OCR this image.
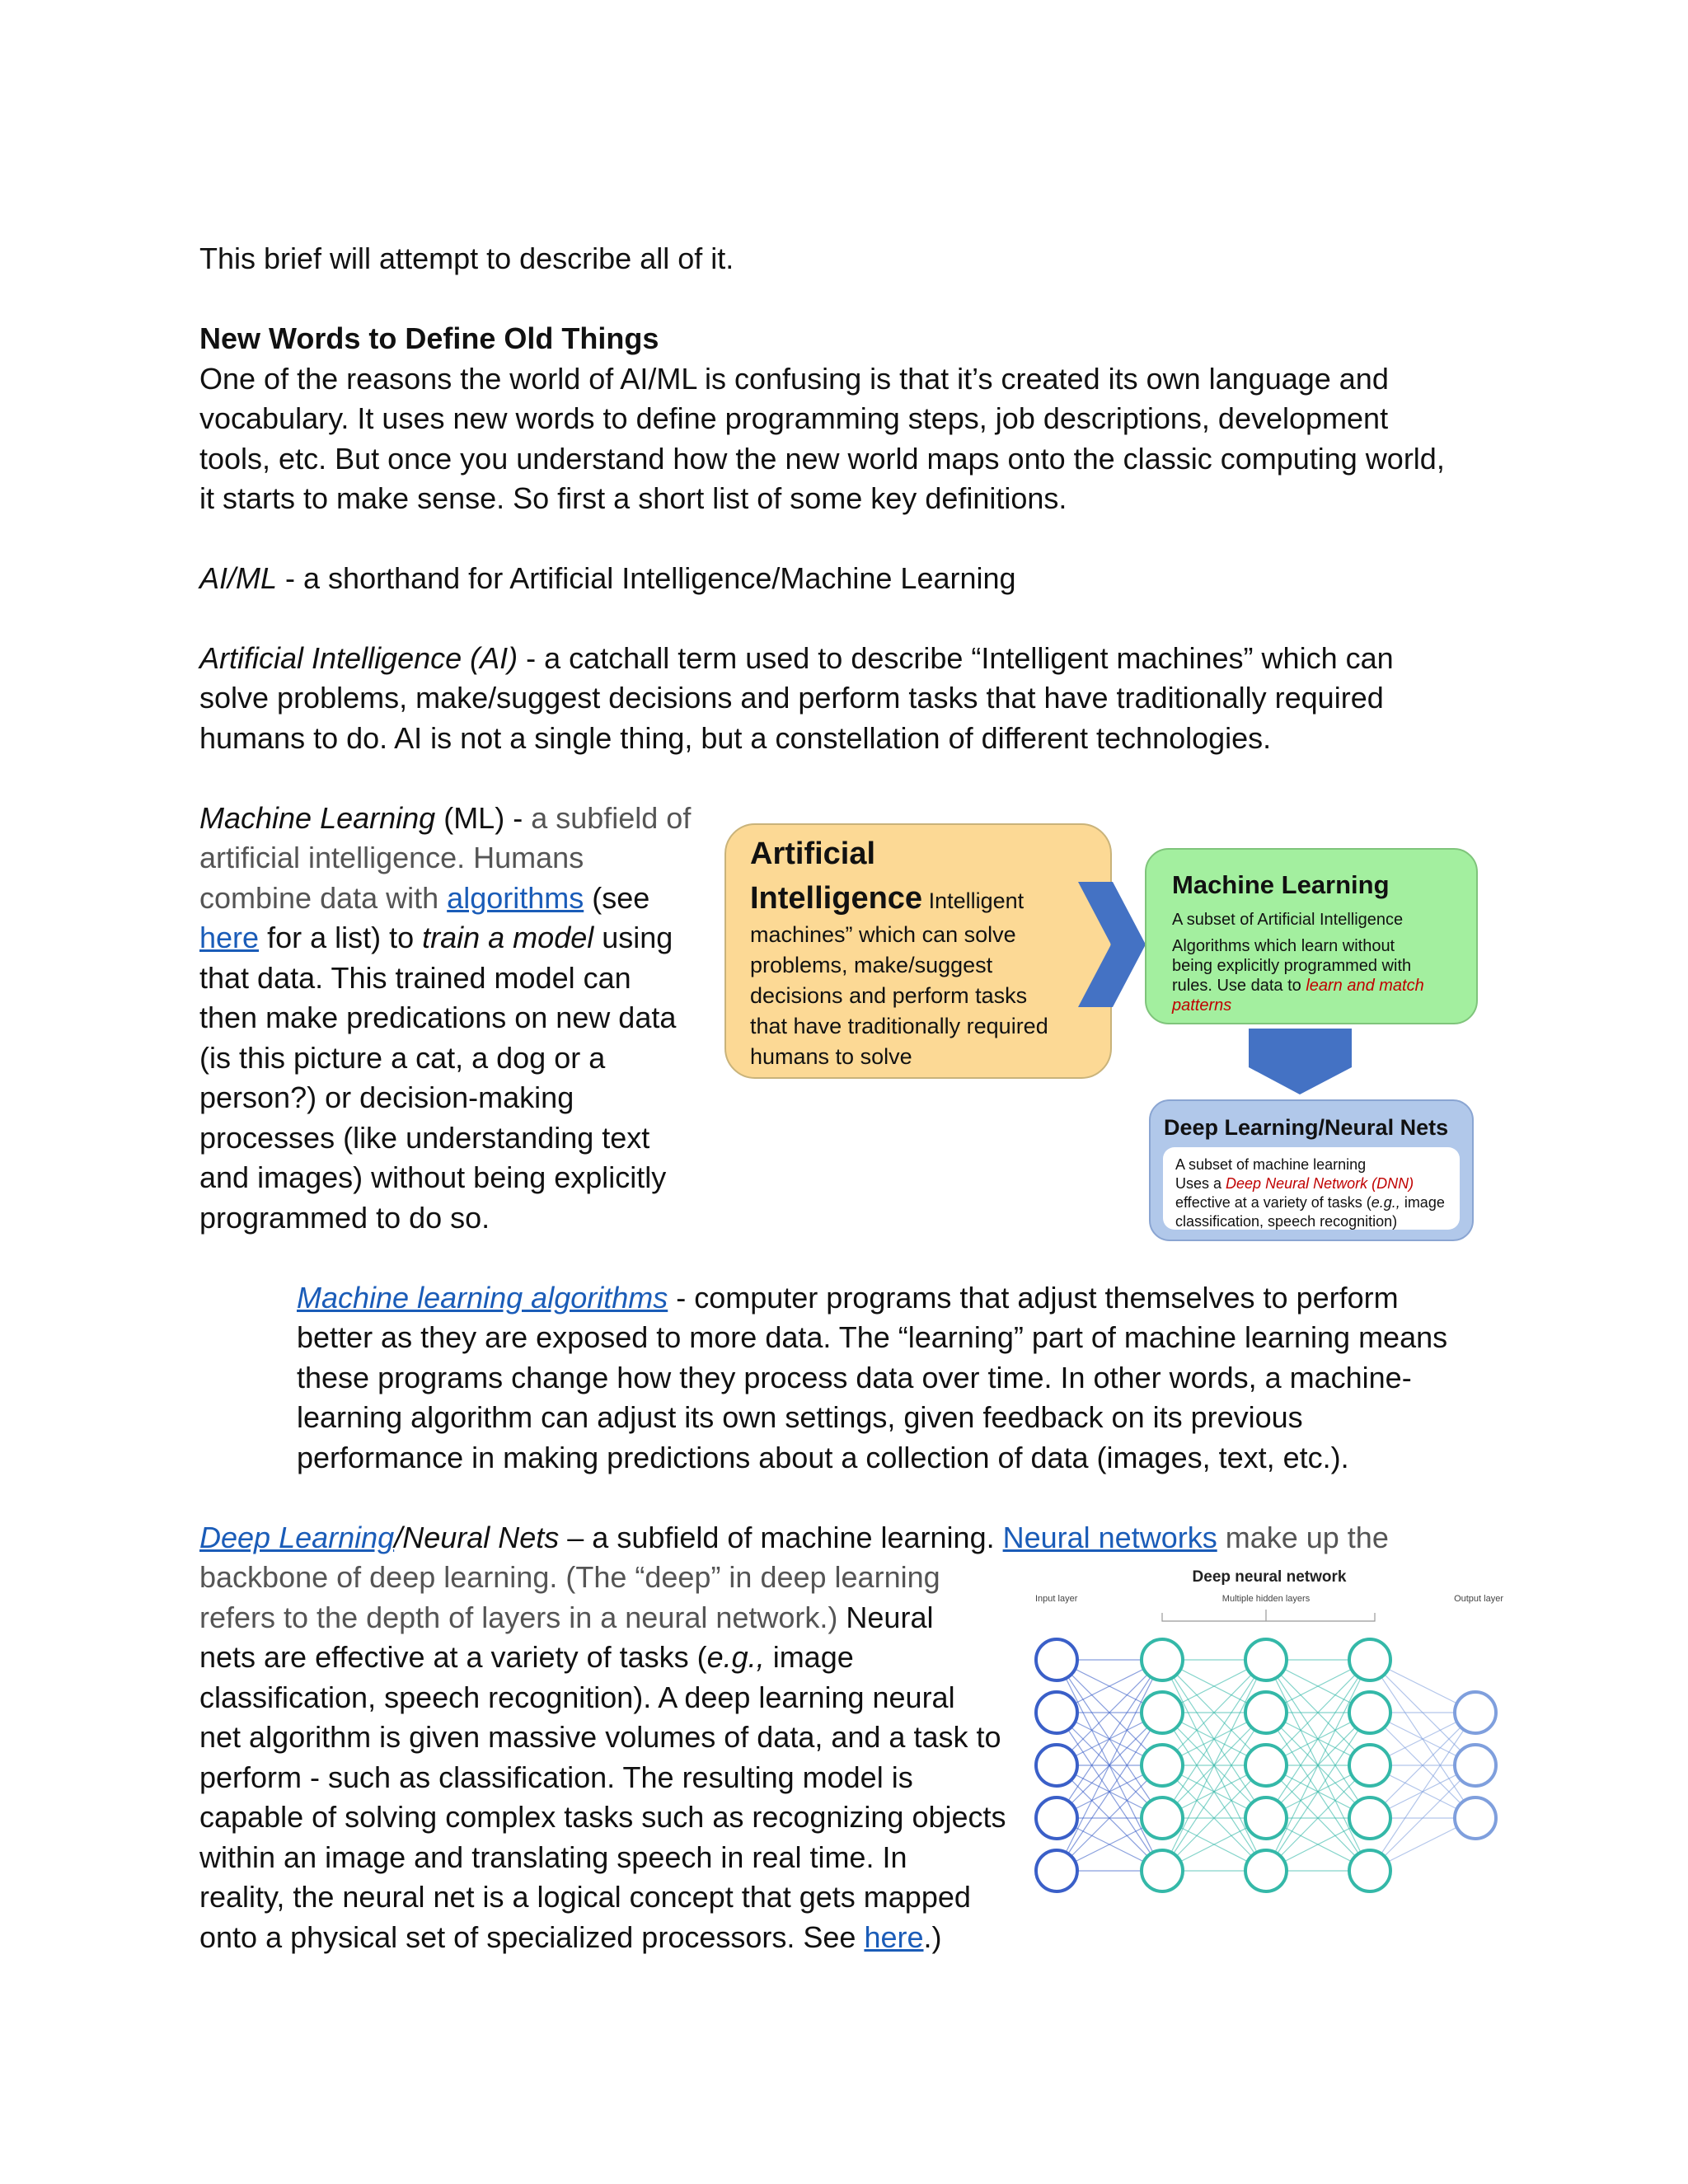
This brief will attempt to describe all of it.

New Words to Define Old Things

One of the reasons the world of AI/ML is confusing is that it’s created its own language and

vocabulary. It uses new words to define programming steps, job descriptions, development

tools, etc. But once you understand how the new world maps onto the classic computing world,

it starts to make sense. So first a short list of some key definitions.

AI/ML - a shorthand for Artificial Intelligence/Machine Learning

Artificial Intelligence (AI) - a catchall term used to describe “Intelligent machines” which can

solve problems, make/suggest decisions and perform tasks that have traditionally required

humans to do. AI is not a single thing, but a constellation of different technologies.

Machine Learning (ML) - a subfield of

artificial intelligence. Humans

combine data with algorithms (see

here for a list) to train a model using

that data. This trained model can

then make predications on new data

(is this picture a cat, a dog or a

person?) or decision-making

processes (like understanding text

and images) without being explicitly

programmed to do so.

Artificial
Intelligence Intelligent
machines” which can solve
problems, make/suggest
decisions and perform tasks
that have traditionally required
humans to solve
Machine Learning
A subset of Artificial Intelligence
Algorithms which learn without
being explicitly programmed with
rules. Use data to learn and match
patterns
Deep Learning/Neural Nets
A subset of machine learning
Uses a Deep Neural Network (DNN)
effective at a variety of tasks (e.g., image
classification, speech recognition)

Machine learning algorithms - computer programs that adjust themselves to perform

better as they are exposed to more data. The “learning” part of machine learning means

these programs change how they process data over time. In other words, a machine-

learning algorithm can adjust its own settings, given feedback on its previous

performance in making predictions about a collection of data (images, text, etc.).

Deep Learning/Neural Nets – a subfield of machine learning. Neural networks make up the

backbone of deep learning. (The “deep” in deep learning

refers to the depth of layers in a neural network.) Neural

nets are effective at a variety of tasks (e.g., image

classification, speech recognition). A deep learning neural

net algorithm is given massive volumes of data, and a task to

perform - such as classification. The resulting model is

capable of solving complex tasks such as recognizing objects

within an image and translating speech in real time. In

reality, the neural net is a logical concept that gets mapped

onto a physical set of specialized processors. See here.)

Deep neural network
Input layer	Multiple hidden layers	Output layer
